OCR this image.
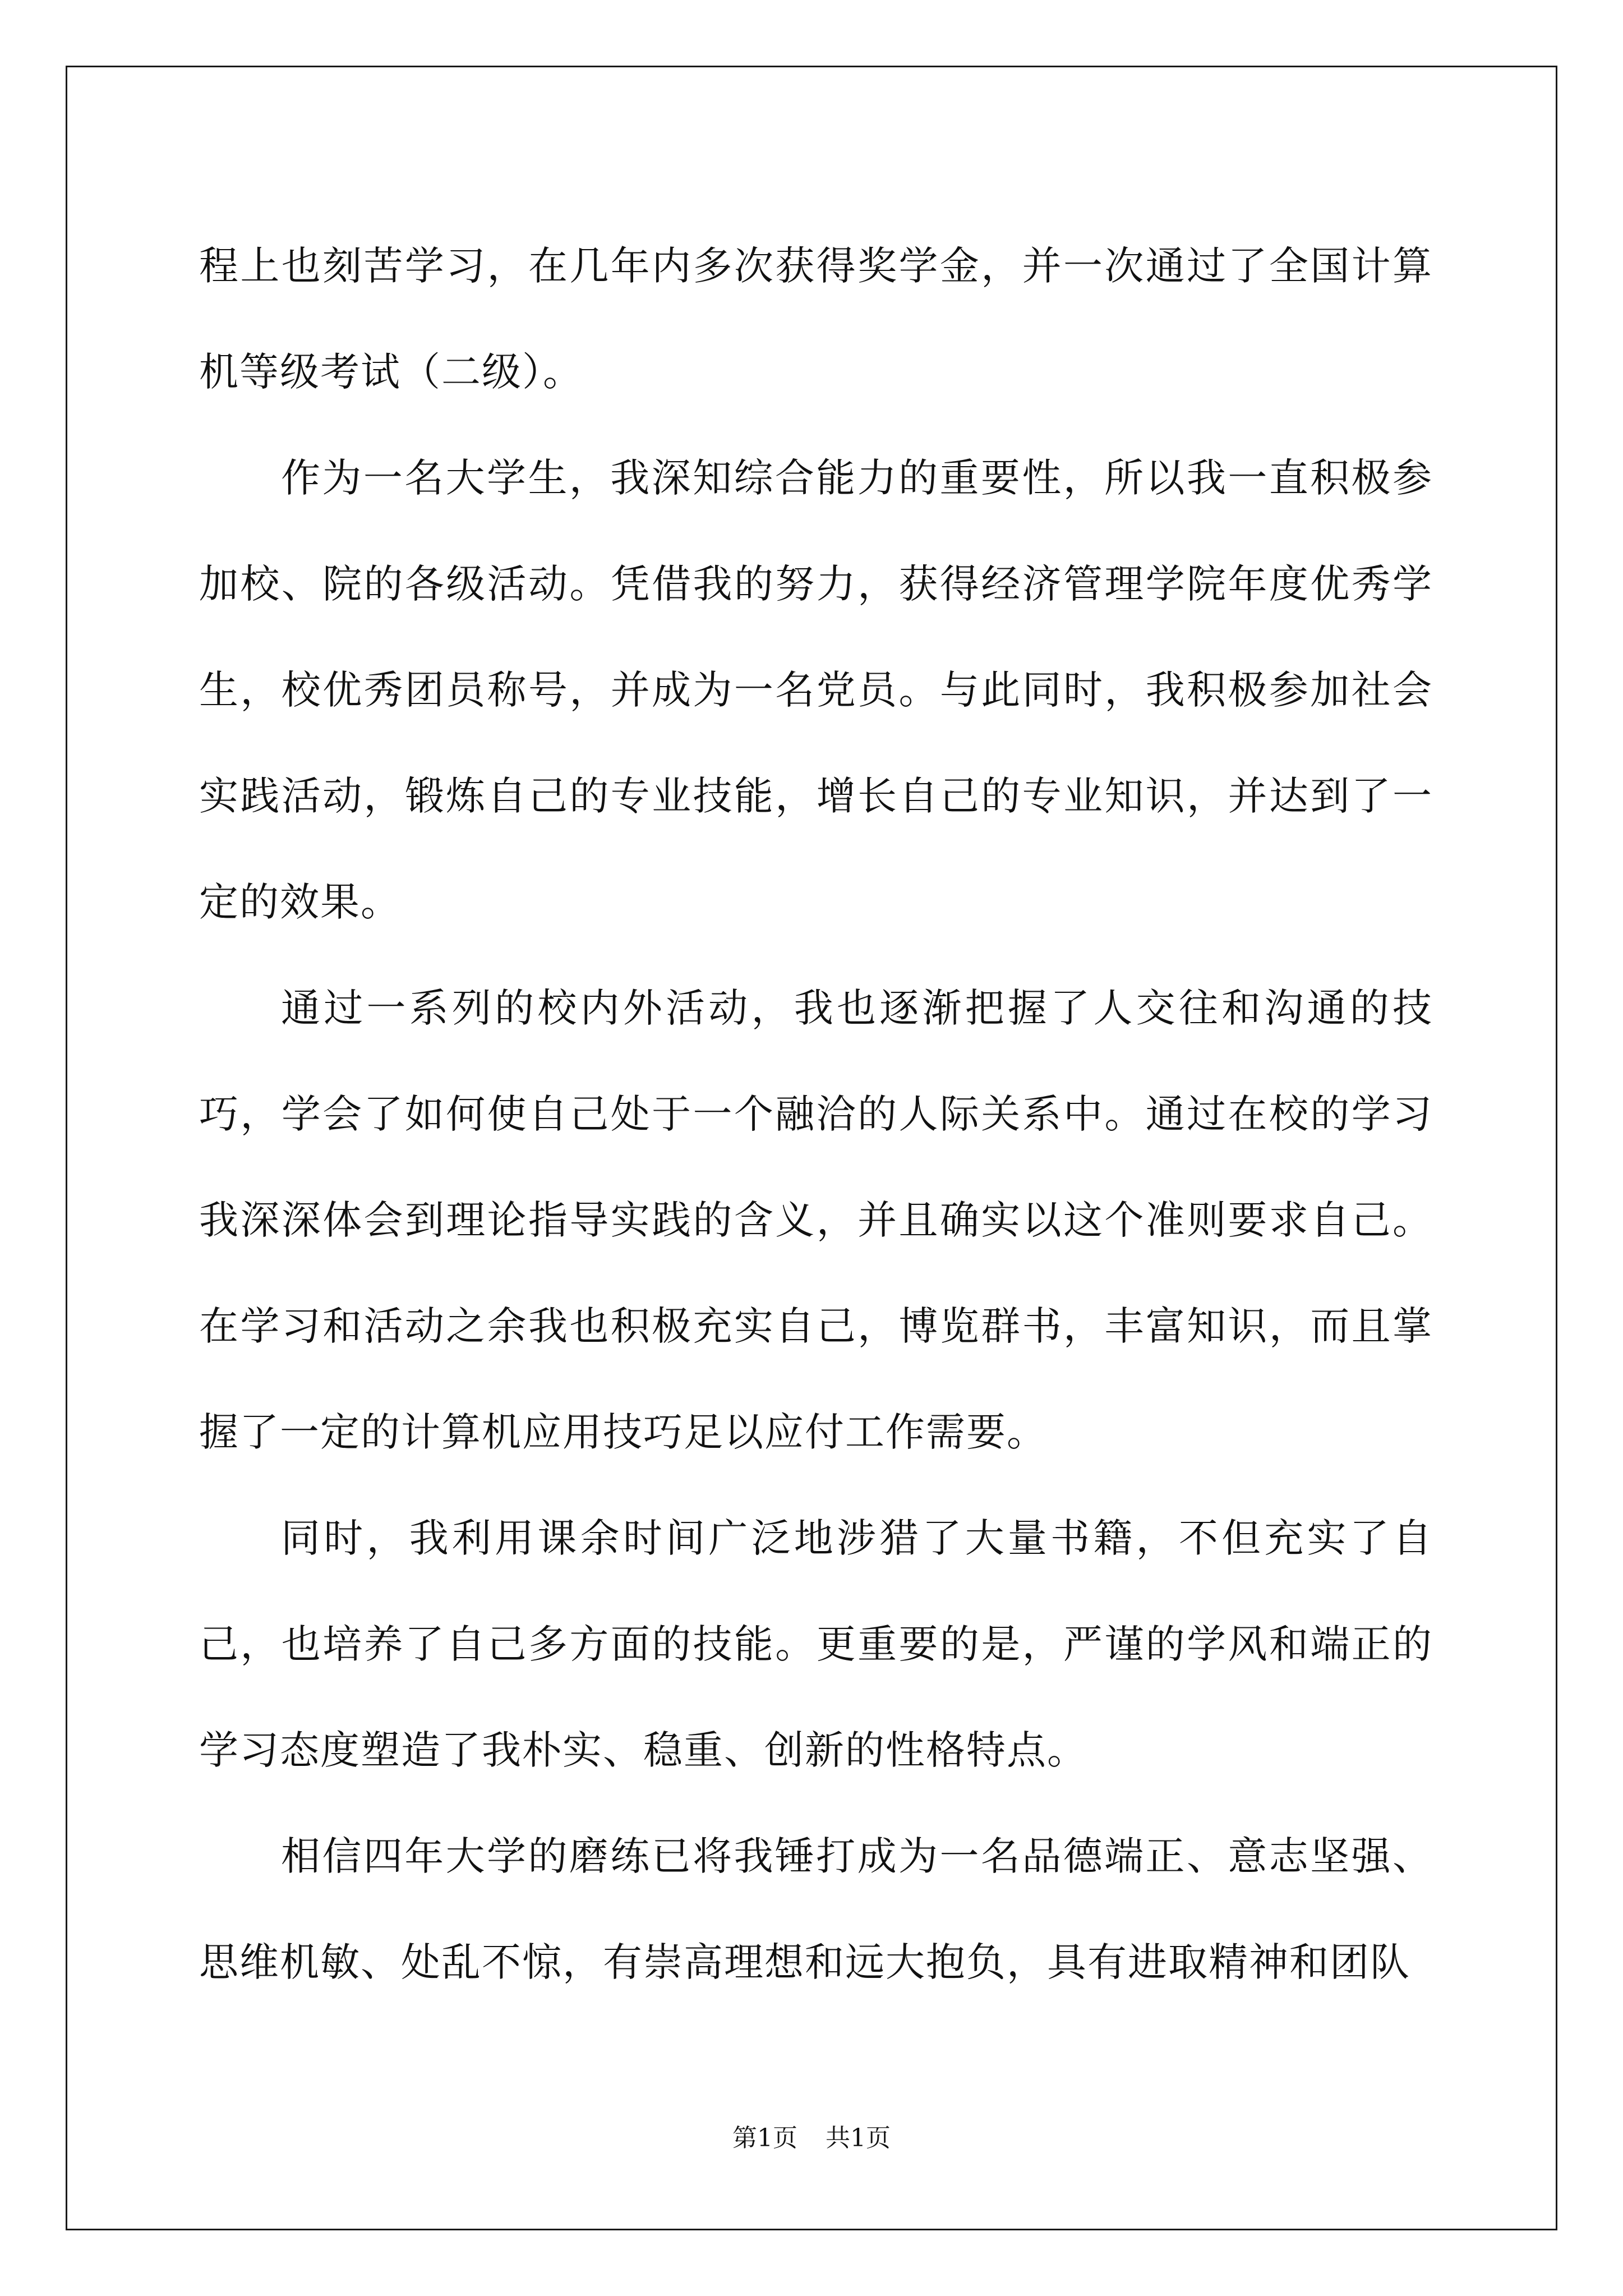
程上也刻苦学习，在几年内多次获得奖学金，并一次通过了全国计算机等级考试（二级）。

作为一名大学生，我深知综合能力的重要性，所以我一直积极参加校、院的各级活动。凭借我的努力，获得经济管理学院年度优秀学生，校优秀团员称号，并成为一名党员。与此同时，我积极参加社会实践活动，锻炼自己的专业技能，增长自己的专业知识，并达到了一定的效果。

通过一系列的校内外活动，我也逐渐把握了人交往和沟通的技巧，学会了如何使自己处于一个融洽的人际关系中。通过在校的学习我深深体会到理论指导实践的含义，并且确实以这个准则要求自己。在学习和活动之余我也积极充实自己，博览群书，丰富知识，而且掌握了一定的计算机应用技巧足以应付工作需要。

同时，我利用课余时间广泛地涉猎了大量书籍，不但充实了自己，也培养了自己多方面的技能。更重要的是，严谨的学风和端正的学习态度塑造了我朴实、稳重、创新的性格特点。

相信四年大学的磨练已将我锤打成为一名品德端正、意志坚强、思维机敏、处乱不惊，有崇高理想和远大抱负，具有进取精神和团队

第1页 共1页
